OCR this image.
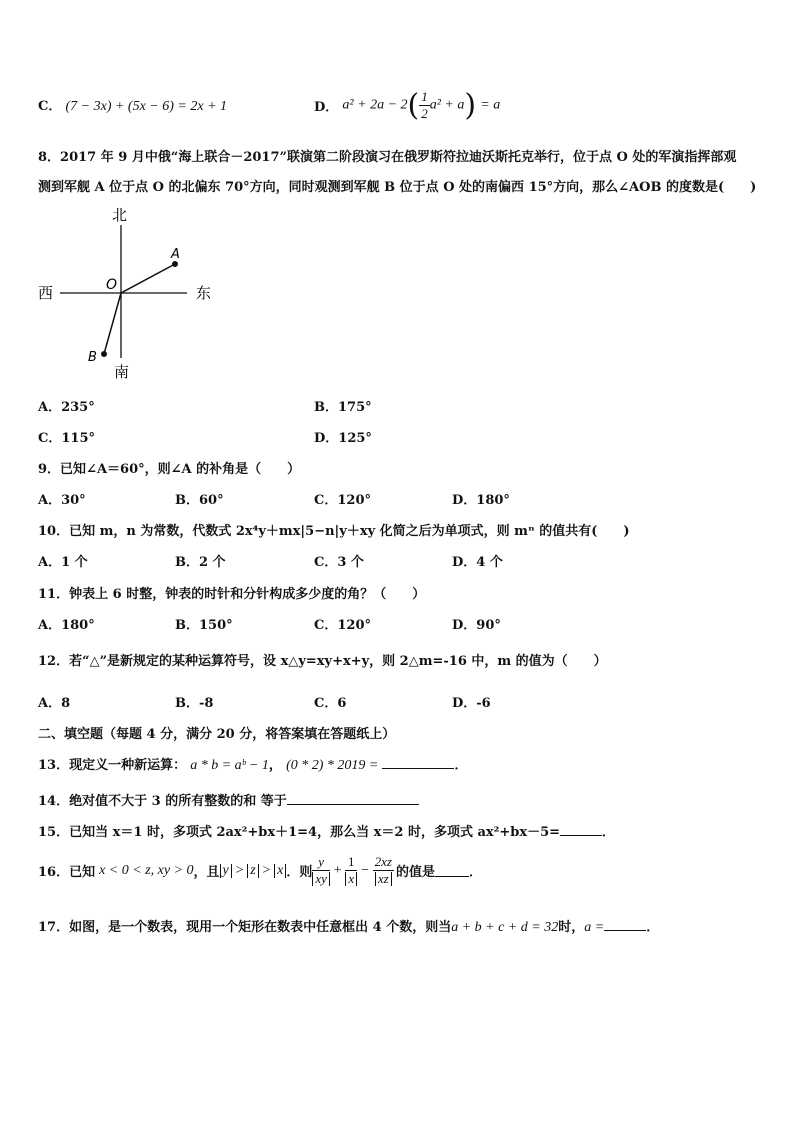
C． (7 − 3x) + (5x − 6) = 2x + 1	D． $a^2 + 2a - 2( \frac{1}{2} a^2 + a) = a$
8．2017 年 9 月中俄“海上联合－2017”联演第二阶段演习在俄罗斯符拉迪沃斯托克举行，位于点 O 处的军演指挥部观
测到军舰 A 位于点 O 的北偏东 70°方向，同时观测到军舰 B 位于点 O 处的南偏西 15°方向，那么∠AOB 的度数是(　　)
北
南
东
西	O
A
B
A．235°	B．175°
C．115°	D．125°
9．已知∠A＝60°，则∠A 的补角是（　　）
A．30°	B．60°	C．120°	D．180°
10．已知 m，n 为常数，代数式 2x⁴y＋mx|5−n|y＋xy 化简之后为单项式，则 mⁿ 的值共有(　　)
A．1 个	B．2 个	C．3 个	D．4 个
11．钟表上 6 时整，钟表的时针和分针构成多少度的角？（　　）
A．180°	B．150°	C．120°	D．90°
12．若“△”是新规定的某种运算符号，设 x△y=xy+x+y，则 2△m=-16 中，m 的值为（　　）
A．8	B．-8	C．6	D．-6
二、填空题（每题 4 分，满分 20 分，将答案填在答题纸上）
13．现定义一种新运算： a * b = aᵇ − 1， (0 * 2) * 2019 =	．
14．绝对值不大于 3 的所有整数的和 等于
15．已知当 x＝1 时，多项式 2ax²+bx＋1=4，那么当 x＝2 时，多项式 ax²+bx－5=	．
16．已知 x < 0 < z, xy > 0 ，且 y > z > x ．则 $\frac{y}{xy} + \frac{1}{x} - \frac{2xz}{xz}$ 的值是	．
17．如图，是一个数表，现用一个矩形在数表中任意框出 4 个数，则当a + b + c + d = 32时，a =	．
